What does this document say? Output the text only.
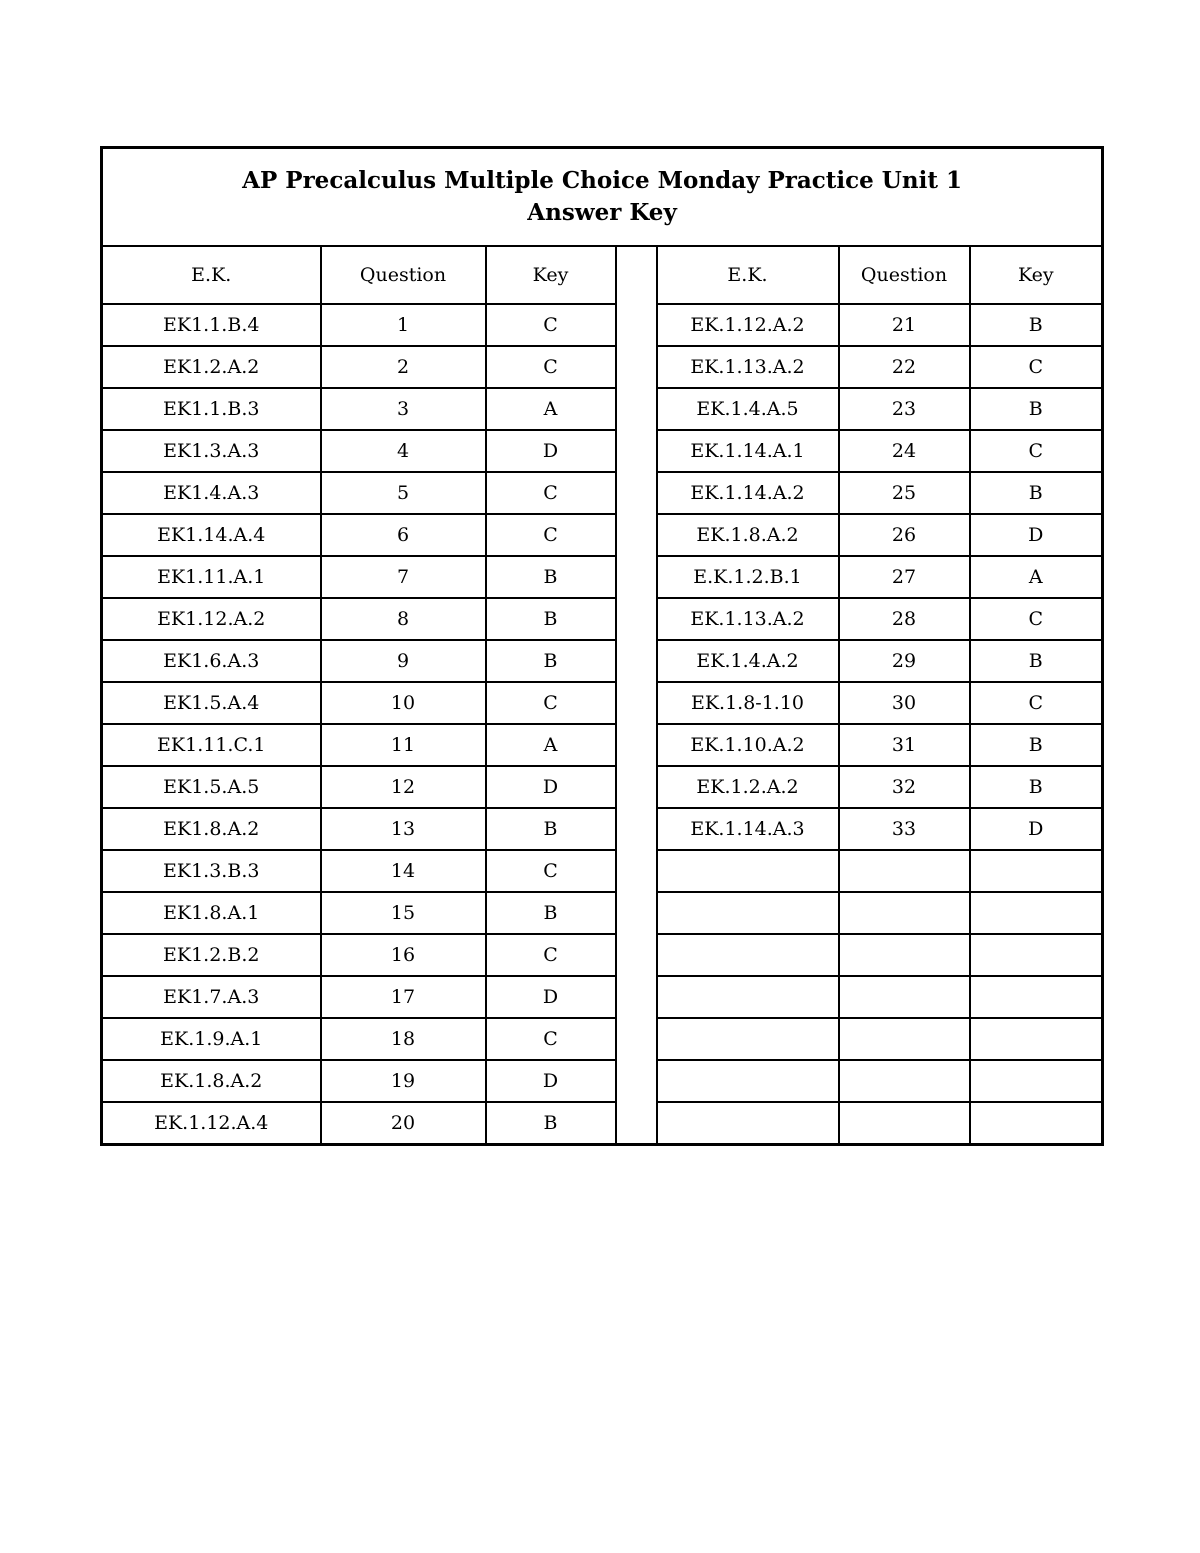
AP Precalculus Multiple Choice Monday Practice Unit 1
Answer Key						

E.K.	Question	Key		E.K.	Question	Key
EK1.1.B.4	1	C		EK.1.12.A.2	21	B
EK1.2.A.2	2	C		EK.1.13.A.2	22	C
EK1.1.B.3	3	A		EK.1.4.A.5	23	B
EK1.3.A.3	4	D		EK.1.14.A.1	24	C
EK1.4.A.3	5	C		EK.1.14.A.2	25	B
EK1.14.A.4	6	C		EK.1.8.A.2	26	D
EK1.11.A.1	7	B		E.K.1.2.B.1	27	A
EK1.12.A.2	8	B		EK.1.13.A.2	28	C
EK1.6.A.3	9	B		EK.1.4.A.2	29	B
EK1.5.A.4	10	C		EK.1.8-1.10	30	C
EK1.11.C.1	11	A		EK.1.10.A.2	31	B
EK1.5.A.5	12	D		EK.1.2.A.2	32	B
EK1.8.A.2	13	B		EK.1.14.A.3	33	D
EK1.3.B.3	14	C				
EK1.8.A.1	15	B				
EK1.2.B.2	16	C				
EK1.7.A.3	17	D				
EK.1.9.A.1	18	C				
EK.1.8.A.2	19	D				
EK.1.12.A.4	20	B				
